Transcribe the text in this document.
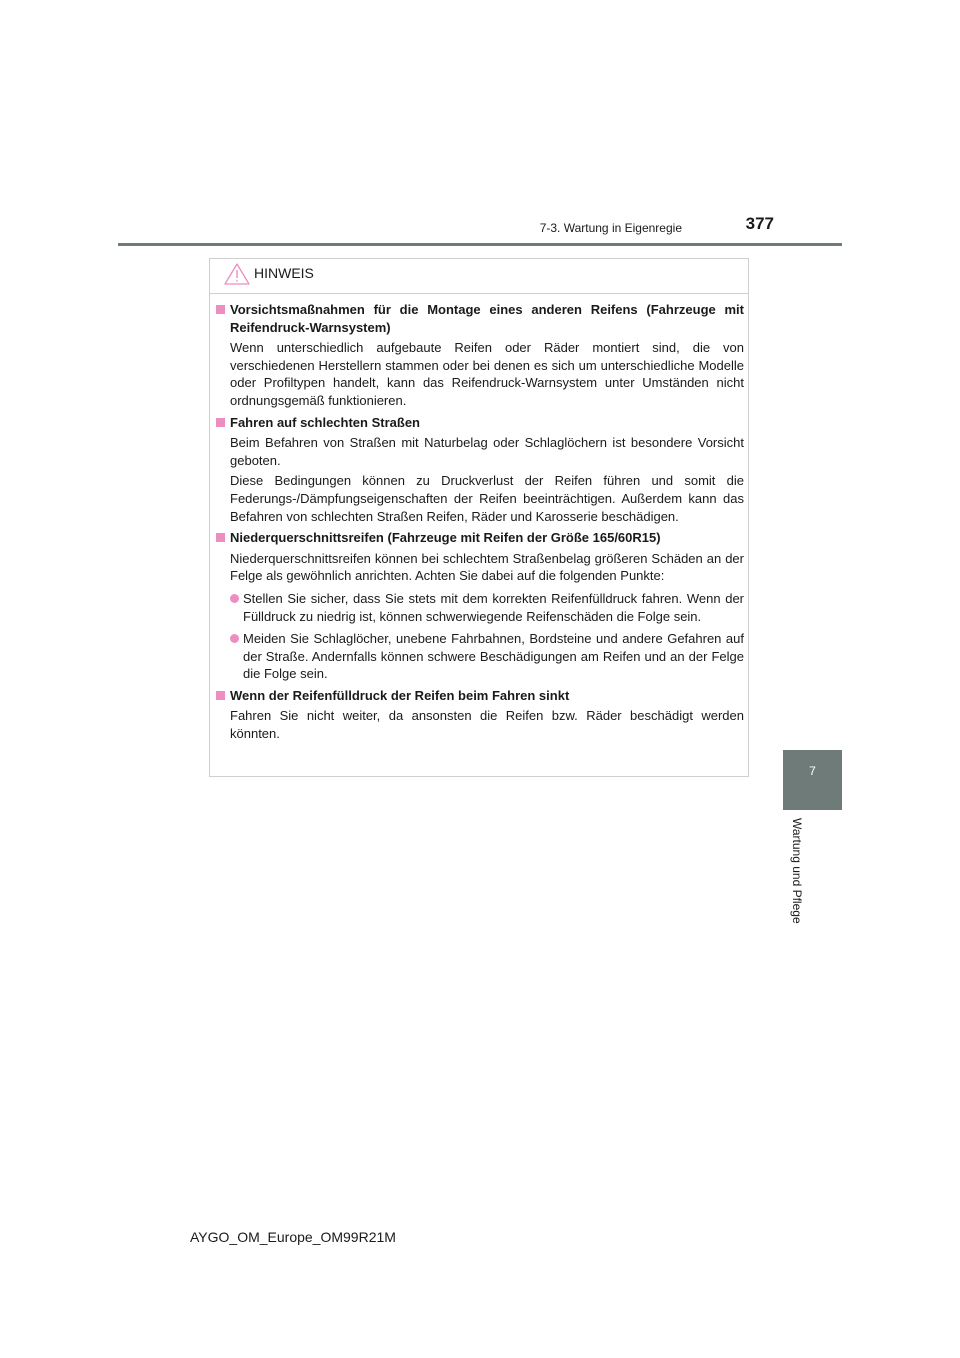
7-3. Wartung in Eigenregie	377
7
Wartung und Pflege
HINWEIS
Vorsichtsmaßnahmen für die Montage eines anderen Reifens (Fahrzeuge mit Reifendruck-Warnsystem)
Wenn unterschiedlich aufgebaute Reifen oder Räder montiert sind, die von verschiedenen Herstellern stammen oder bei denen es sich um unterschiedliche Modelle oder Profiltypen handelt, kann das Reifendruck-Warnsystem unter Umständen nicht ordnungsgemäß funktionieren.
Fahren auf schlechten Straßen
Beim Befahren von Straßen mit Naturbelag oder Schlaglöchern ist besondere Vorsicht geboten.
Diese Bedingungen können zu Druckverlust der Reifen führen und somit die Federungs-/Dämpfungseigenschaften der Reifen beeinträchtigen. Außerdem kann das Befahren von schlechten Straßen Reifen, Räder und Karosserie beschädigen.
Niederquerschnittsreifen (Fahrzeuge mit Reifen der Größe 165/60R15)
Niederquerschnittsreifen können bei schlechtem Straßenbelag größeren Schäden an der Felge als gewöhnlich anrichten. Achten Sie dabei auf die folgenden Punkte:
Stellen Sie sicher, dass Sie stets mit dem korrekten Reifenfülldruck fahren. Wenn der Fülldruck zu niedrig ist, können schwerwiegende Reifenschäden die Folge sein.
Meiden Sie Schlaglöcher, unebene Fahrbahnen, Bordsteine und andere Gefahren auf der Straße. Andernfalls können schwere Beschädigungen am Reifen und an der Felge die Folge sein.
Wenn der Reifenfülldruck der Reifen beim Fahren sinkt
Fahren Sie nicht weiter, da ansonsten die Reifen bzw. Räder beschädigt werden könnten.
AYGO_OM_Europe_OM99R21M
